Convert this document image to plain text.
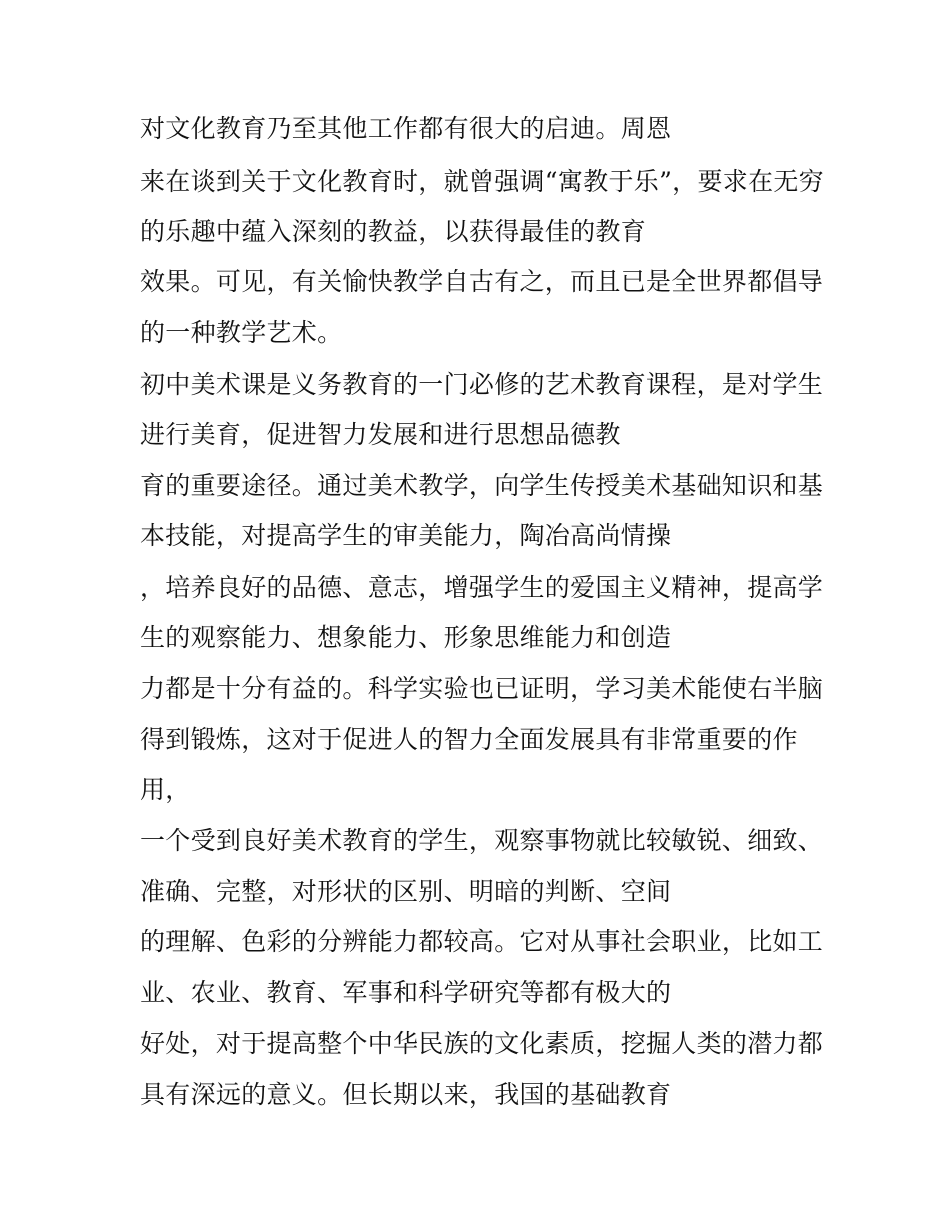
对文化教育乃至其他工作都有很大的启迪。周恩
来在谈到关于文化教育时，就曾强调“寓教于乐”，要求在无穷
的乐趣中蕴入深刻的教益，以获得最佳的教育
效果。可见，有关愉快教学自古有之，而且已是全世界都倡导
的一种教学艺术。
初中美术课是义务教育的一门必修的艺术教育课程，是对学生
进行美育，促进智力发展和进行思想品德教
育的重要途径。通过美术教学，向学生传授美术基础知识和基
本技能，对提高学生的审美能力，陶冶高尚情操
，培养良好的品德、意志，增强学生的爱国主义精神，提高学
生的观察能力、想象能力、形象思维能力和创造
力都是十分有益的。科学实验也已证明，学习美术能使右半脑
得到锻炼，这对于促进人的智力全面发展具有非常重要的作
用，
一个受到良好美术教育的学生，观察事物就比较敏锐、细致、
准确、完整，对形状的区别、明暗的判断、空间
的理解、色彩的分辨能力都较高。它对从事社会职业，比如工
业、农业、教育、军事和科学研究等都有极大的
好处，对于提高整个中华民族的文化素质，挖掘人类的潜力都
具有深远的意义。但长期以来，我国的基础教育
